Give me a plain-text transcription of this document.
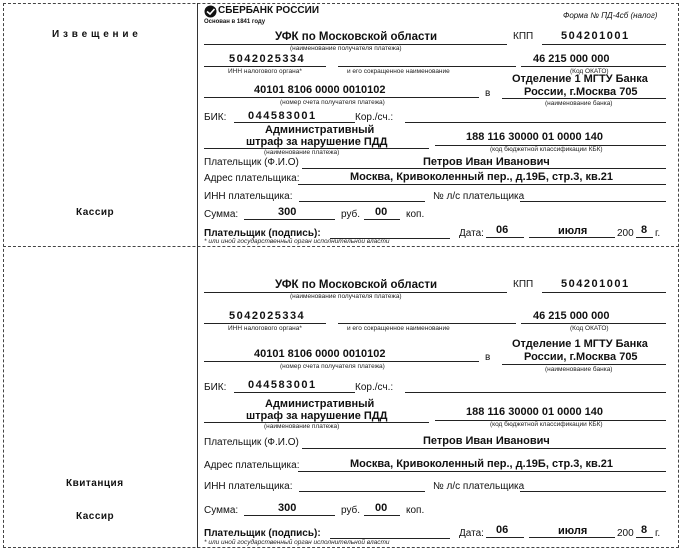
И з в е щ е н и е
Кассир
Квитанция
Кассир
СБЕРБАНК РОССИИ
Основан в 1841 году
Форма № ПД-4сб (налог)
УФК по Московской области
(наименование получателя платежа)
КПП	504201001
5042025334
ИНН налогового органа*	и его сокращенное наименование
46 215 000 000
(Код ОКАТО)
40101 8106 0000 0010102
(номер счета получателя платежа)
в
Отделение 1 МГТУ Банка
России, г.Москва 705
(наименование банка)
БИК: 044583001	Кор./сч.:
Административный
штраф за нарушение ПДД
(наименование платежа)
188 116 30000 01 0000 140
(код бюджетной классификации КБК)
Плательщик (Ф.И.О)	Петров Иван Иванович
Адрес плательщика:	Москва, Кривоколенный пер., д.19Б, стр.3, кв.21
ИНН плательщика:	№ л/с плательщика
Сумма:	300	руб. 00 коп.
Плательщик (подпись):	Дата: 06	июля	200 8 г.
* или иной государственный орган исполнительной власти
УФК по Московской области
(наименование получателя платежа)
КПП	504201001
5042025334
ИНН налогового органа*	и его сокращенное наименование
46 215 000 000
(Код ОКАТО)
40101 8106 0000 0010102
(номер счета получателя платежа)
в
Отделение 1 МГТУ Банка
России, г.Москва 705
(наименование банка)
БИК: 044583001	Кор./сч.:
Административный
штраф за нарушение ПДД
(наименование платежа)
188 116 30000 01 0000 140
(код бюджетной классификации КБК)
Плательщик (Ф.И.О)	Петров Иван Иванович
Адрес плательщика:	Москва, Кривоколенный пер., д.19Б, стр.3, кв.21
ИНН плательщика:	№ л/с плательщика
Сумма:	300	руб. 00 коп.
Плательщик (подпись):	Дата: 06	июля	200 8 г.
* или иной государственный орган исполнительной власти
